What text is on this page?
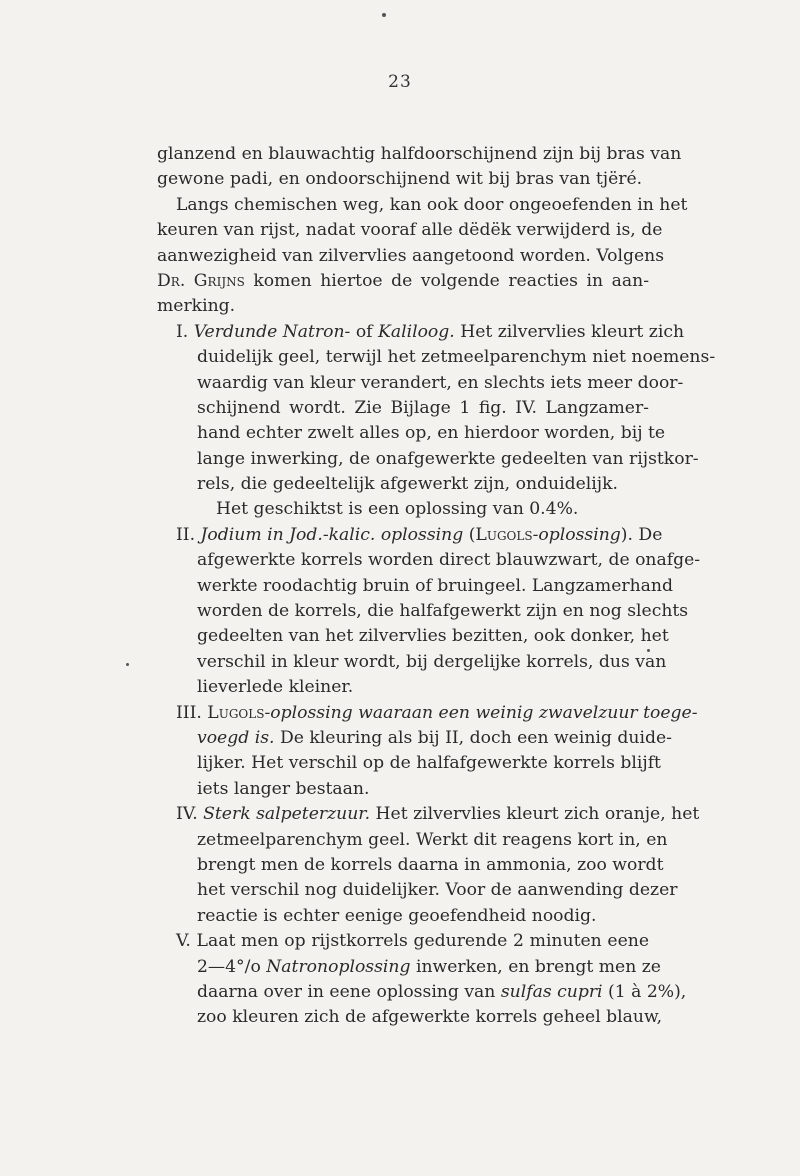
23
glanzend en blauwachtig halfdoorschijnend zijn bij bras van
gewone padi, en ondoorschijnend wit bij bras van tjëré.
Langs chemischen weg, kan ook door ongeoefenden in het
keuren van rijst, nadat vooraf alle dëdëk verwijderd is, de
aanwezigheid van zilvervlies aangetoond worden. Volgens
Dr. Grijns komen hiertoe de volgende reacties in aan-
merking.
I. Verdunde Natron- of Kaliloog. Het zilvervlies kleurt zich
duidelijk geel, terwijl het zetmeelparenchym niet noemens-
waardig van kleur verandert, en slechts iets meer door-
schijnend wordt. Zie Bijlage 1 fig. IV. Langzamer-
hand echter zwelt alles op, en hierdoor worden, bij te
lange inwerking, de onafgewerkte gedeelten van rijstkor-
rels, die gedeeltelijk afgewerkt zijn, onduidelijk.
Het geschiktst is een oplossing van 0.4%.
II. Jodium in Jod.-kalic. oplossing (Lugols-oplossing). De
afgewerkte korrels worden direct blauwzwart, de onafge-
werkte roodachtig bruin of bruingeel. Langzamerhand
worden de korrels, die halfafgewerkt zijn en nog slechts
gedeelten van het zilvervlies bezitten, ook donker, het
verschil in kleur wordt, bij dergelijke korrels, dus van
lieverlede kleiner.
III. Lugols-oplossing waaraan een weinig zwavelzuur toege-
voegd is. De kleuring als bij II, doch een weinig duide-
lijker. Het verschil op de halfafgewerkte korrels blijft
iets langer bestaan.
IV. Sterk salpeterzuur. Het zilvervlies kleurt zich oranje, het
zetmeelparenchym geel. Werkt dit reagens kort in, en
brengt men de korrels daarna in ammonia, zoo wordt
het verschil nog duidelijker. Voor de aanwending dezer
reactie is echter eenige geoefendheid noodig.
V. Laat men op rijstkorrels gedurende 2 minuten eene
2—4°/o Natronoplossing inwerken, en brengt men ze
daarna over in eene oplossing van sulfas cupri (1 à 2%),
zoo kleuren zich de afgewerkte korrels geheel blauw,
